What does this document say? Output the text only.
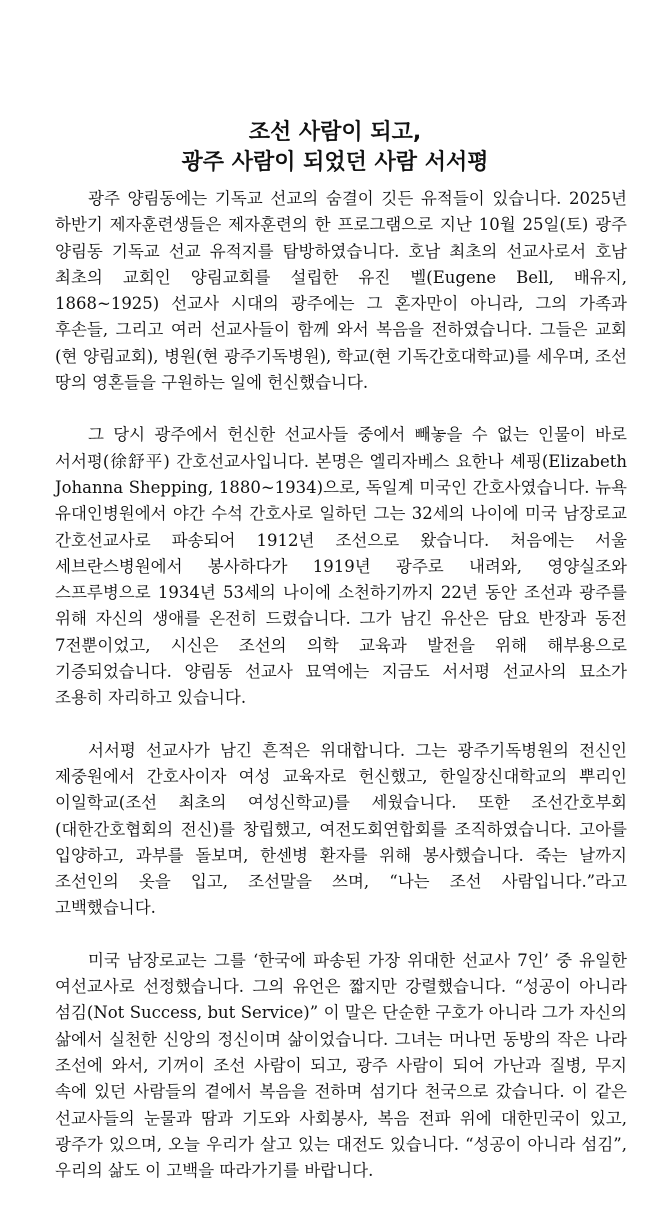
조선 사람이 되고,
광주 사람이 되었던 사람 서서평

광주 양림동에는 기독교 선교의 숨결이 깃든 유적들이 있습니다. 2025년 하반기 제자훈련생들은 제자훈련의 한 프로그램으로 지난 10월 25일(토) 광주 양림동 기독교 선교 유적지를 탐방하였습니다. 호남 최초의 선교사로서 호남 최초의 교회인 양림교회를 설립한 유진 벨(Eugene Bell, 배유지, 1868~1925) 선교사 시대의 광주에는 그 혼자만이 아니라, 그의 가족과 후손들, 그리고 여러 선교사들이 함께 와서 복음을 전하였습니다. 그들은 교회(현 양림교회), 병원(현 광주기독병원), 학교(현 기독간호대학교)를 세우며, 조선 땅의 영혼들을 구원하는 일에 헌신했습니다.

그 당시 광주에서 헌신한 선교사들 중에서 빼놓을 수 없는 인물이 바로 서서평(徐舒平) 간호선교사입니다. 본명은 엘리자베스 요한나 셰핑(Elizabeth Johanna Shepping, 1880~1934)으로, 독일계 미국인 간호사였습니다. 뉴욕 유대인병원에서 야간 수석 간호사로 일하던 그는 32세의 나이에 미국 남장로교 간호선교사로 파송되어 1912년 조선으로 왔습니다. 처음에는 서울 세브란스병원에서 봉사하다가 1919년 광주로 내려와, 영양실조와 스프루병으로 1934년 53세의 나이에 소천하기까지 22년 동안 조선과 광주를 위해 자신의 생애를 온전히 드렸습니다. 그가 남긴 유산은 담요 반장과 동전 7전뿐이었고, 시신은 조선의 의학 교육과 발전을 위해 해부용으로 기증되었습니다. 양림동 선교사 묘역에는 지금도 서서평 선교사의 묘소가 조용히 자리하고 있습니다.

서서평 선교사가 남긴 흔적은 위대합니다. 그는 광주기독병원의 전신인 제중원에서 간호사이자 여성 교육자로 헌신했고, 한일장신대학교의 뿌리인 이일학교(조선 최초의 여성신학교)를 세웠습니다. 또한 조선간호부회(대한간호협회의 전신)를 창립했고, 여전도회연합회를 조직하였습니다. 고아를 입양하고, 과부를 돌보며, 한센병 환자를 위해 봉사했습니다. 죽는 날까지 조선인의 옷을 입고, 조선말을 쓰며, “나는 조선 사람입니다.”라고 고백했습니다.

미국 남장로교는 그를 ‘한국에 파송된 가장 위대한 선교사 7인’ 중 유일한 여선교사로 선정했습니다. 그의 유언은 짧지만 강렬했습니다. “성공이 아니라 섬김(Not Success, but Service)” 이 말은 단순한 구호가 아니라 그가 자신의 삶에서 실천한 신앙의 정신이며 삶이었습니다. 그녀는 머나먼 동방의 작은 나라 조선에 와서, 기꺼이 조선 사람이 되고, 광주 사람이 되어 가난과 질병, 무지 속에 있던 사람들의 곁에서 복음을 전하며 섬기다 천국으로 갔습니다. 이 같은 선교사들의 눈물과 땀과 기도와 사회봉사, 복음 전파 위에 대한민국이 있고, 광주가 있으며, 오늘 우리가 살고 있는 대전도 있습니다. “성공이 아니라 섬김”, 우리의 삶도 이 고백을 따라가기를 바랍니다.
